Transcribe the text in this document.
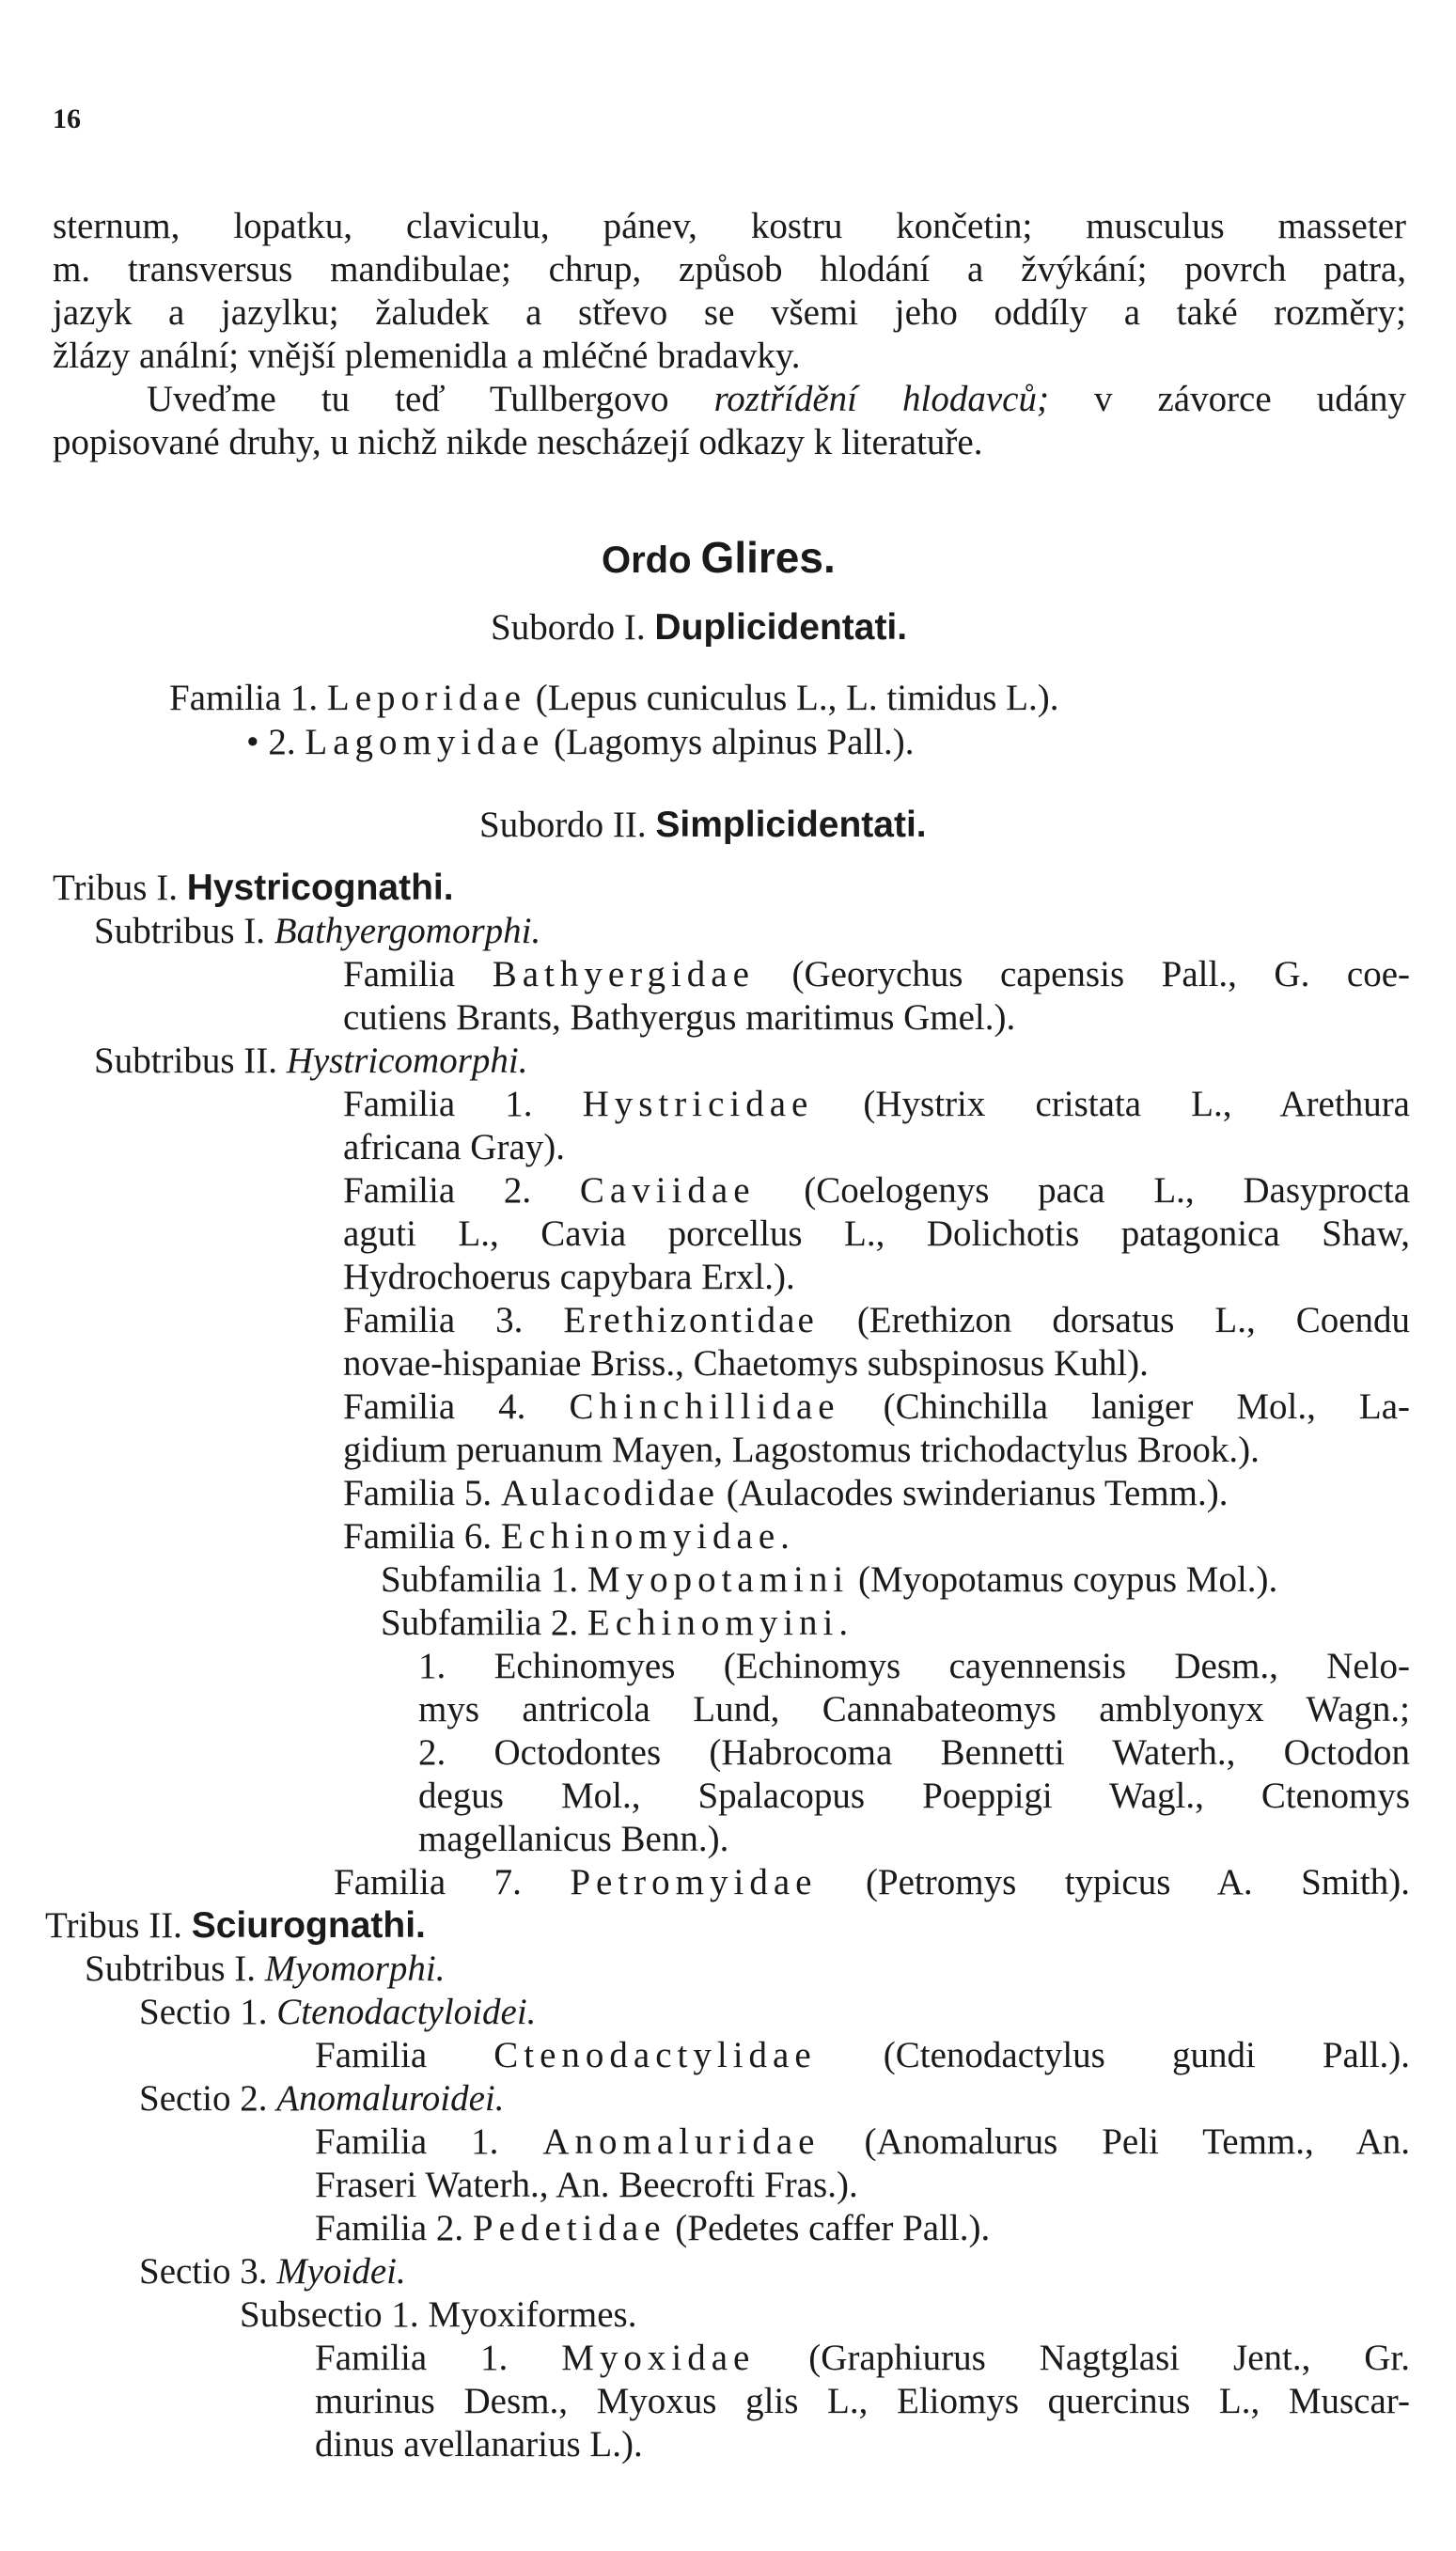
16
sternum, lopatku, claviculu, pánev, kostru končetin; musculus masseter
m. transversus mandibulae; chrup, způsob hlodání a žvýkání; povrch patra,
jazyk a jazylku; žaludek a střevo se všemi jeho oddíly a také rozměry;
žlázy anální; vnější plemenidla a mléčné bradavky.
Uveďme tu teď Tullbergovo roztřídění hlodavců; v závorce udány
popisované druhy, u nichž nikde nescházejí odkazy k literatuře.
Ordo Glires.
Subordo I. Duplicidentati.
Familia 1. Leporidae (Lepus cuniculus L., L. timidus L.).
• 2. Lagomyidae (Lagomys alpinus Pall.).
Subordo II. Simplicidentati.
Tribus I. Hystricognathi.
Subtribus I. Bathyergomorphi.
Familia Bathyergidae (Georychus capensis Pall., G. coe-
cutiens Brants, Bathyergus maritimus Gmel.).
Subtribus II. Hystricomorphi.
Familia 1. Hystricidae (Hystrix cristata L., Arethura
africana Gray).
Familia 2. Caviidae (Coelogenys paca L., Dasyprocta
aguti L., Cavia porcellus L., Dolichotis patagonica Shaw,
Hydrochoerus capybara Erxl.).
Familia 3. Erethizontidae (Erethizon dorsatus L., Coendu
novae-hispaniae Briss., Chaetomys subspinosus Kuhl).
Familia 4. Chinchillidae (Chinchilla laniger Mol., La-
gidium peruanum Mayen, Lagostomus trichodactylus Brook.).
Familia 5. Aulacodidae (Aulacodes swinderianus Temm.).
Familia 6. Echinomyidae.
Subfamilia 1. Myopotamini (Myopotamus coypus Mol.).
Subfamilia 2. Echinomyini.
1. Echinomyes (Echinomys cayennensis Desm., Nelo-
mys antricola Lund, Cannabateomys amblyonyx Wagn.;
2. Octodontes (Habrocoma Bennetti Waterh., Octodon
degus Mol., Spalacopus Poeppigi Wagl., Ctenomys
magellanicus Benn.).
Familia 7. Petromyidae (Petromys typicus A. Smith).
Tribus II. Sciurognathi.
Subtribus I. Myomorphi.
Sectio 1. Ctenodactyloidei.
Familia Ctenodactylidae (Ctenodactylus gundi Pall.).
Sectio 2. Anomaluroidei.
Familia 1. Anomaluridae (Anomalurus Peli Temm., An.
Fraseri Waterh., An. Beecrofti Fras.).
Familia 2. Pedetidae (Pedetes caffer Pall.).
Sectio 3. Myoidei.
Subsectio 1. Myoxiformes.
Familia 1. Myoxidae (Graphiurus Nagtglasi Jent., Gr.
murinus Desm., Myoxus glis L., Eliomys quercinus L., Muscar-
dinus avellanarius L.).
